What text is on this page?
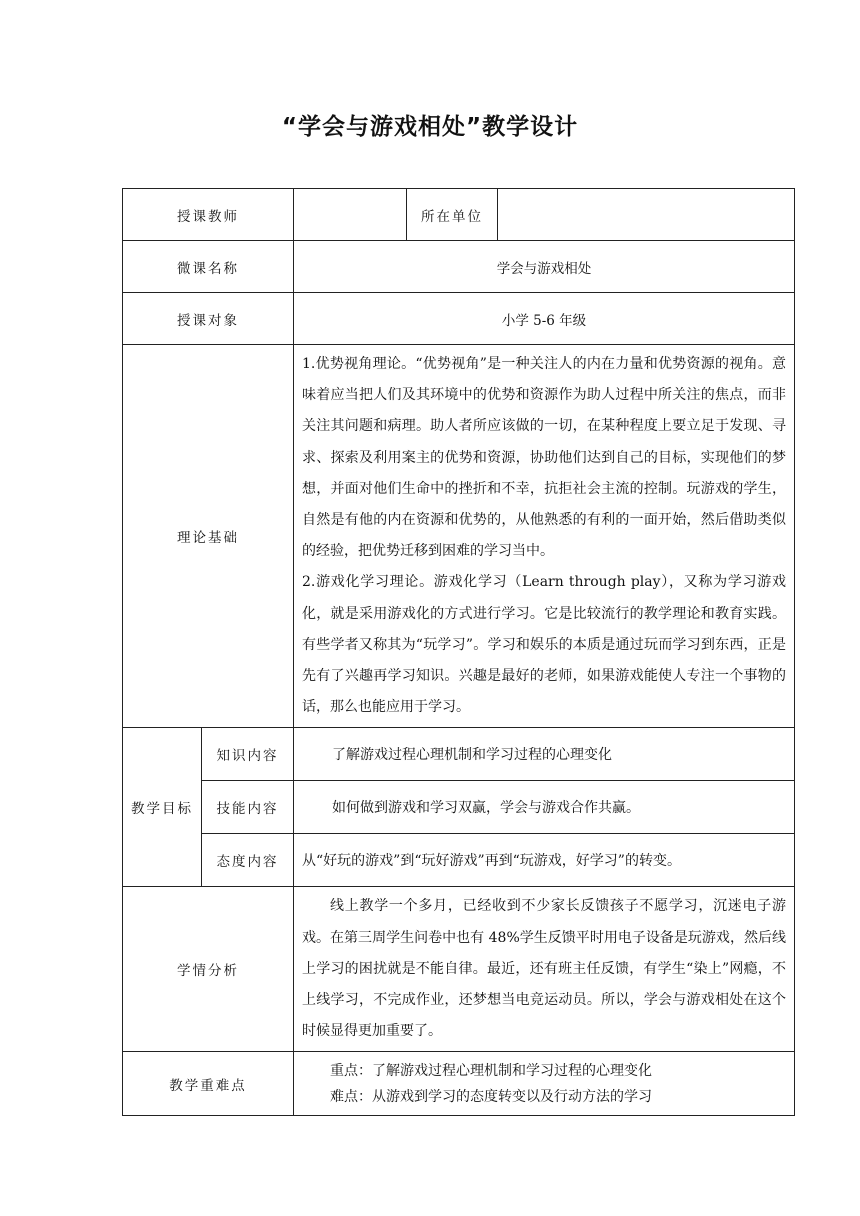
“学会与游戏相处”教学设计
授课教师			所在单位	
微课名称		学会与游戏相处		
授课对象		小学 5-6 年级		
理论基础		1.优势视角理论。“优势视角”是一种关注人的内在力量和优势资源的视角。意味着应当把人们及其环境中的优势和资源作为助人过程中所关注的焦点，而非关注其问题和病理。助人者所应该做的一切，在某种程度上要立足于发现、寻求、探索及利用案主的优势和资源，协助他们达到自己的目标，实现他们的梦想，并面对他们生命中的挫折和不幸，抗拒社会主流的控制。玩游戏的学生，自然是有他的内在资源和优势的，从他熟悉的有利的一面开始，然后借助类似的经验，把优势迁移到困难的学习当中。

2.游戏化学习理论。游戏化学习（Learn through play），又称为学习游戏化，就是采用游戏化的方式进行学习。它是比较流行的教学理论和教育实践。有些学者又称其为“玩学习”。学习和娱乐的本质是通过玩而学习到东西，正是先有了兴趣再学习知识。兴趣是最好的老师，如果游戏能使人专注一个事物的话，那么也能应用于学习。		

教学目标	知识内容	了解游戏过程心理机制和学习过程的心理变化		
	技能内容	如何做到游戏和学习双赢，学会与游戏合作共赢。		
	态度内容	从“好玩的游戏”到“玩好游戏”再到“玩游戏，好学习”的转变。		
学情分析		线上教学一个多月，已经收到不少家长反馈孩子不愿学习，沉迷电子游戏。在第三周学生问卷中也有 48%学生反馈平时用电子设备是玩游戏，然后线上学习的困扰就是不能自律。最近，还有班主任反馈，有学生“染上”网瘾，不上线学习，不完成作业，还梦想当电竞运动员。所以，学会与游戏相处在这个时候显得更加重要了。		

教学重难点		重点：了解游戏过程心理机制和学习过程的心理变化

难点：从游戏到学习的态度转变以及行动方法的学习		
